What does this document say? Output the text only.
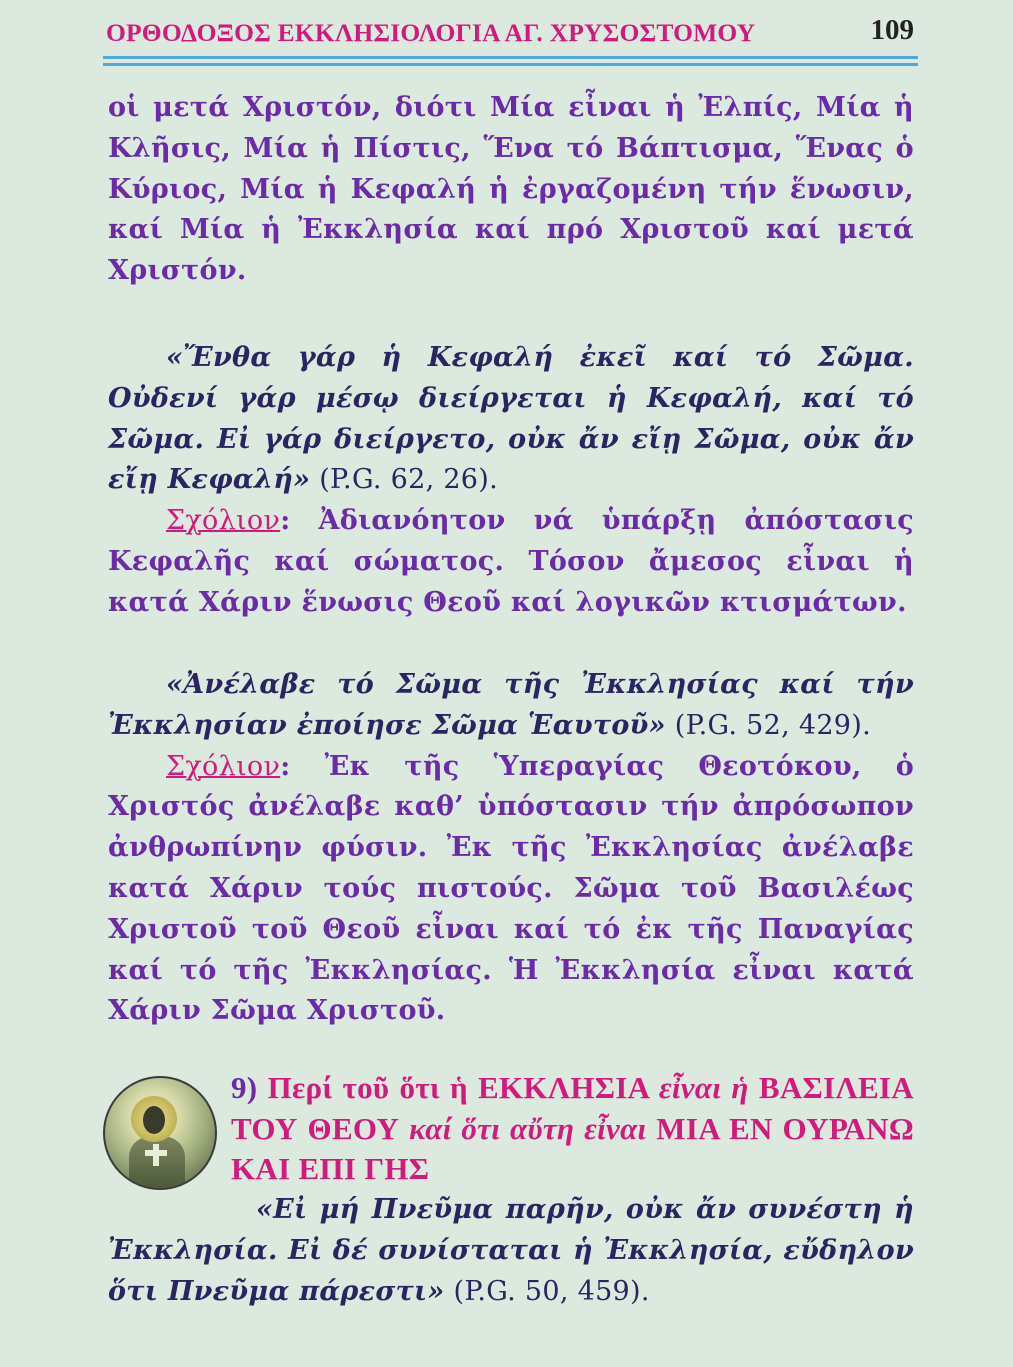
ΟΡΘΟΔΟΞΟΣ ΕΚΚΛΗΣΙΟΛΟΓΙΑ ΑΓ. ΧΡΥΣΟΣΤΟΜΟΥ	109
οἱ μετά Χριστόν, διότι Μία εἶναι ἡ Ἐλπίς, Μία ἡ Κλῆσις, Μία ἡ Πίστις, Ἕνα τό Βάπτισμα, Ἕνας ὁ Κύριος, Μία ἡ Κεφαλή ἡ ἐργαζομένη τήν ἕνωσιν, καί Μία ἡ Ἐκκλησία καί πρό Χριστοῦ καί μετά Χριστόν.
«Ἔνθα γάρ ἡ Κεφαλή ἐκεῖ καί τό Σῶμα. Οὐδενί γάρ μέσῳ διείργεται ἡ Κεφαλή, καί τό Σῶμα. Εἰ γάρ διείργετο, οὐκ ἄν εἴῃ Σῶμα, οὐκ ἄν εἴῃ Κεφαλή» (P.G. 62, 26).
Σχόλιον: Ἀδιανόητον νά ὑπάρξῃ ἀπόστασις Κεφαλῆς καί σώματος. Τόσον ἄμεσος εἶναι ἡ κατά Χάριν ἕνωσις Θεοῦ καί λογικῶν κτισμάτων.
«Ἀνέλαβε τό Σῶμα τῆς Ἐκκλησίας καί τήν Ἐκκλησίαν ἐποίησε Σῶμα Ἑαυτοῦ» (P.G. 52, 429).
Σχόλιον: Ἐκ τῆς Ὑπεραγίας Θεοτόκου, ὁ Χριστός ἀνέλαβε καθ’ ὑπόστασιν τήν ἀπρόσωπον ἀνθρωπίνην φύσιν. Ἐκ τῆς Ἐκκλησίας ἀνέλαβε κατά Χάριν τούς πιστούς. Σῶμα τοῦ Βασιλέως Χριστοῦ τοῦ Θεοῦ εἶναι καί τό ἐκ τῆς Παναγίας καί τό τῆς Ἐκκλησίας. Ἡ Ἐκκλησία εἶναι κατά Χάριν Σῶμα Χριστοῦ.
9) Περί τοῦ ὅτι ἡ ΕΚΚΛΗΣΙΑ εἶναι ἡ ΒΑΣΙΛΕΙΑ ΤΟΥ ΘΕΟΥ καί ὅτι αὔτη εἶναι ΜΙΑ ΕΝ ΟΥΡΑΝΩ ΚΑΙ ΕΠΙ ΓΗΣ
«Εἰ μή Πνεῦμα παρῆν, οὐκ ἄν συνέστη ἡ Ἐκκλησία. Εἰ δέ συνίσταται ἡ Ἐκκλησία, εὔδηλον ὅτι Πνεῦμα πάρεστι» (P.G. 50, 459).
